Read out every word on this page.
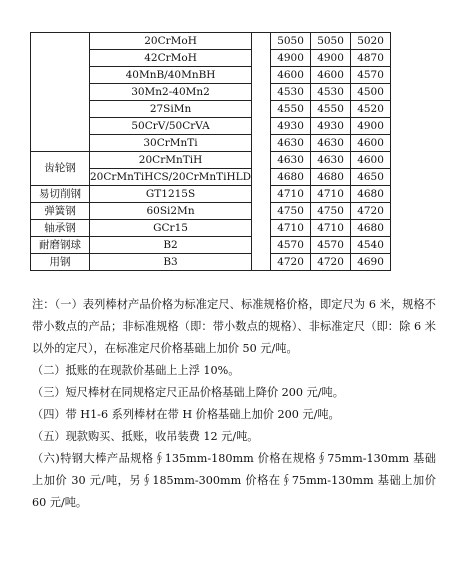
	20CrMoH		5050	5050	5020
	42CrMoH		4900	4900	4870
	40MnB/40MnBH		4600	4600	4570
	30Mn2-40Mn2		4530	4530	4500
	27SiMn		4550	4550	4520
	50CrV/50CrVA		4930	4930	4900
	30CrMnTi		4630	4630	4600
齿轮钢	20CrMnTiH		4630	4630	4600
	20CrMnTiHCS/20CrMnTiHLD		4680	4680	4650
易切削钢	GT1215S		4710	4710	4680
弹簧钢	60Si2Mn		4750	4750	4720
轴承钢	GCr15		4710	4710	4680
耐磨钢球	B2		4570	4570	4540
用钢	B3		4720	4720	4690

注：（一）表列棒材产品价格为标准定尺、标准规格价格，即定尺为 6 米，规格不带小数点的产品；非标准规格（即：带小数点的规格）、非标准定尺（即：除 6 米以外的定尺），在标准定尺价格基础上加价 50 元/吨。

（二）抵账的在现款价基础上上浮 10%。

（三）短尺棒材在同规格定尺正品价格基础上降价 200 元/吨。

（四）带 H1-6 系列棒材在带 H 价格基础上加价 200 元/吨。

（五）现款购买、抵账，收吊装费 12 元/吨。

（六)特钢大棒产品规格∮135mm-180mm 价格在规格∮75mm-130mm 基础上加价 30 元/吨，另∮185mm-300mm 价格在∮75mm-130mm 基础上加价 60 元/吨。
